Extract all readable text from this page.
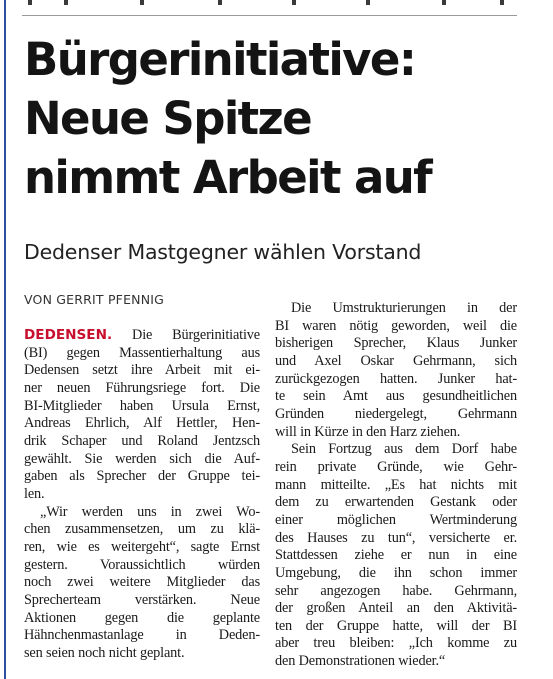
Bürgerinitiative:
Neue Spitze
nimmt Arbeit auf
Dedenser Mastgegner wählen Vorstand
VON GERRIT PFENNIG
DEDENSEN. Die Bürgerinitiative
(BI) gegen Massentierhaltung aus
Dedensen setzt ihre Arbeit mit ei-
ner neuen Führungsriege fort. Die
BI-Mitglieder haben Ursula Ernst,
Andreas Ehrlich, Alf Hettler, Hen-
drik Schaper und Roland Jentzsch
gewählt. Sie werden sich die Auf-
gaben als Sprecher der Gruppe tei-
len.
„Wir werden uns in zwei Wo-
chen zusammensetzen, um zu klä-
ren, wie es weitergeht“, sagte Ernst
gestern. Voraussichtlich würden
noch zwei weitere Mitglieder das
Sprecherteam verstärken. Neue
Aktionen gegen die geplante
Hähnchenmastanlage in Deden-
sen seien noch nicht geplant.
Die Umstrukturierungen in der
BI waren nötig geworden, weil die
bisherigen Sprecher, Klaus Junker
und Axel Oskar Gehrmann, sich
zurückgezogen hatten. Junker hat-
te sein Amt aus gesundheitlichen
Gründen niedergelegt, Gehrmann
will in Kürze in den Harz ziehen.
Sein Fortzug aus dem Dorf habe
rein private Gründe, wie Gehr-
mann mitteilte. „Es hat nichts mit
dem zu erwartenden Gestank oder
einer möglichen Wertminderung
des Hauses zu tun“, versicherte er.
Stattdessen ziehe er nun in eine
Umgebung, die ihn schon immer
sehr angezogen habe. Gehrmann,
der großen Anteil an den Aktivitä-
ten der Gruppe hatte, will der BI
aber treu bleiben: „Ich komme zu
den Demonstrationen wieder.“
